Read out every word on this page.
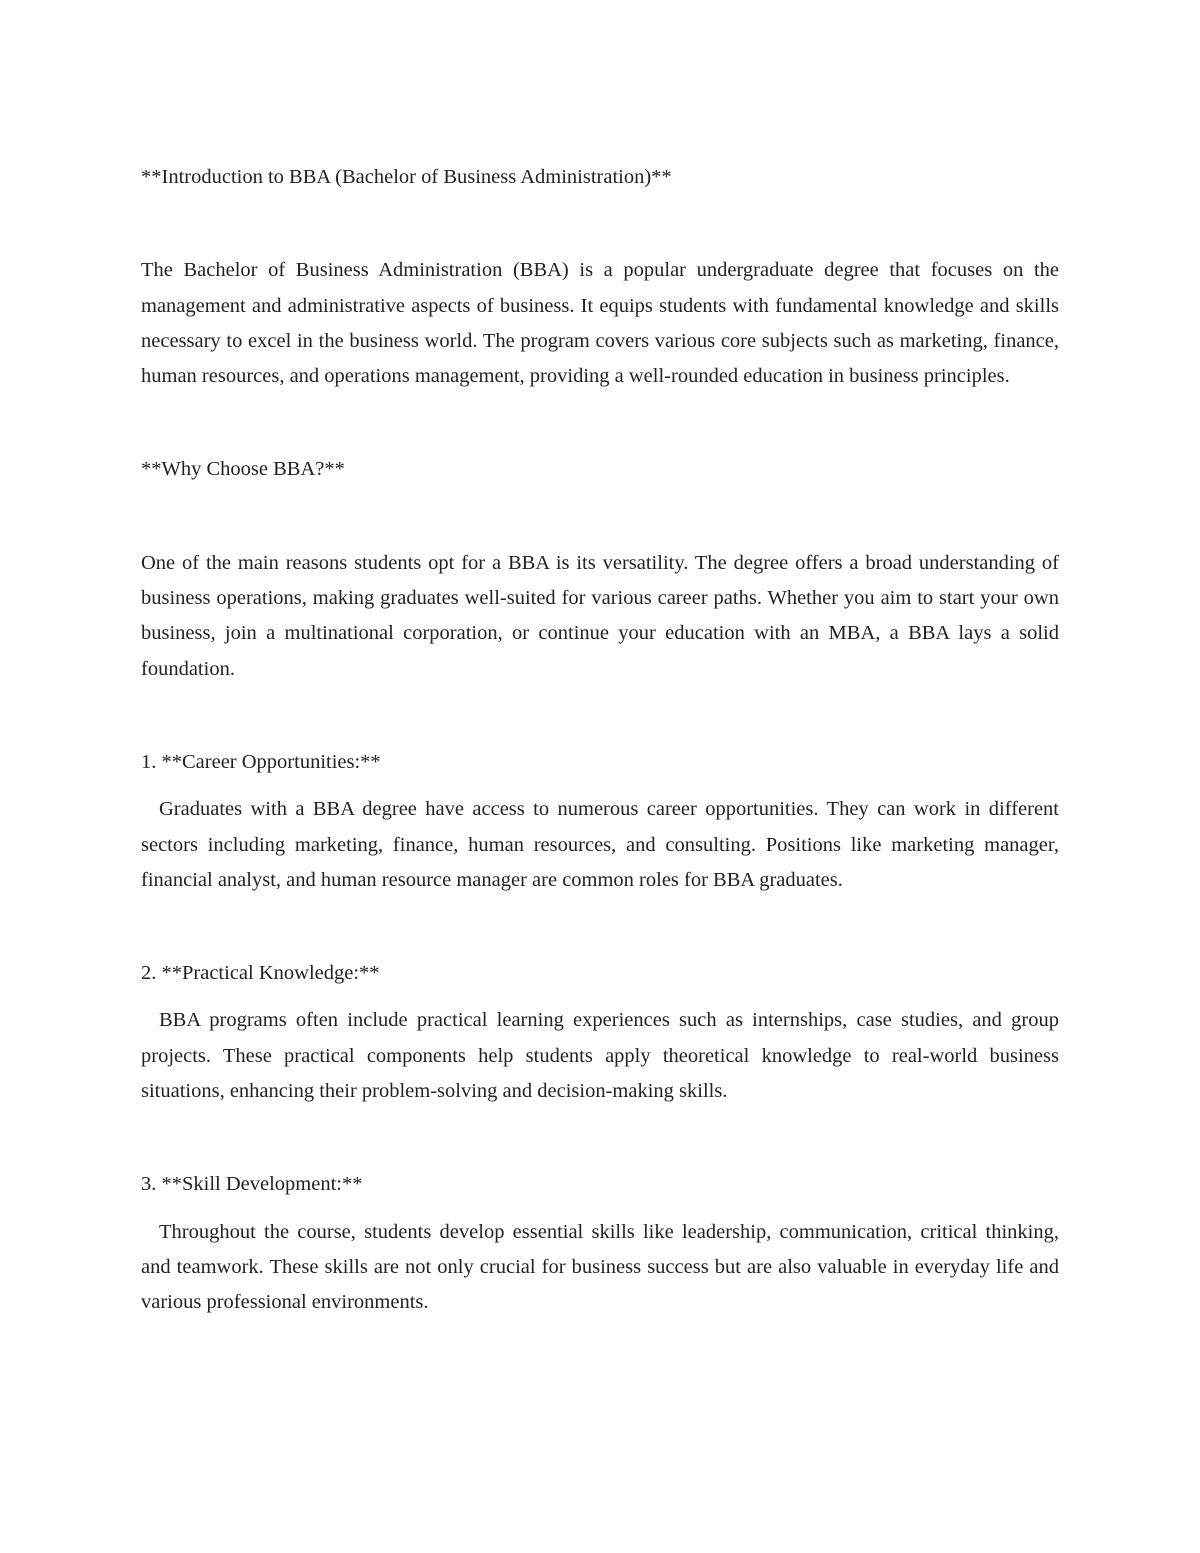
**Introduction to BBA (Bachelor of Business Administration)**

The Bachelor of Business Administration (BBA) is a popular undergraduate degree that focuses on the management and administrative aspects of business. It equips students with fundamental knowledge and skills necessary to excel in the business world. The program covers various core subjects such as marketing, finance, human resources, and operations management, providing a well-rounded education in business principles.

**Why Choose BBA?**

One of the main reasons students opt for a BBA is its versatility. The degree offers a broad understanding of business operations, making graduates well-suited for various career paths. Whether you aim to start your own business, join a multinational corporation, or continue your education with an MBA, a BBA lays a solid foundation.

1. **Career Opportunities:**

Graduates with a BBA degree have access to numerous career opportunities. They can work in different sectors including marketing, finance, human resources, and consulting. Positions like marketing manager, financial analyst, and human resource manager are common roles for BBA graduates.

2. **Practical Knowledge:**

BBA programs often include practical learning experiences such as internships, case studies, and group projects. These practical components help students apply theoretical knowledge to real-world business situations, enhancing their problem-solving and decision-making skills.

3. **Skill Development:**

Throughout the course, students develop essential skills like leadership, communication, critical thinking, and teamwork. These skills are not only crucial for business success but are also valuable in everyday life and various professional environments.
